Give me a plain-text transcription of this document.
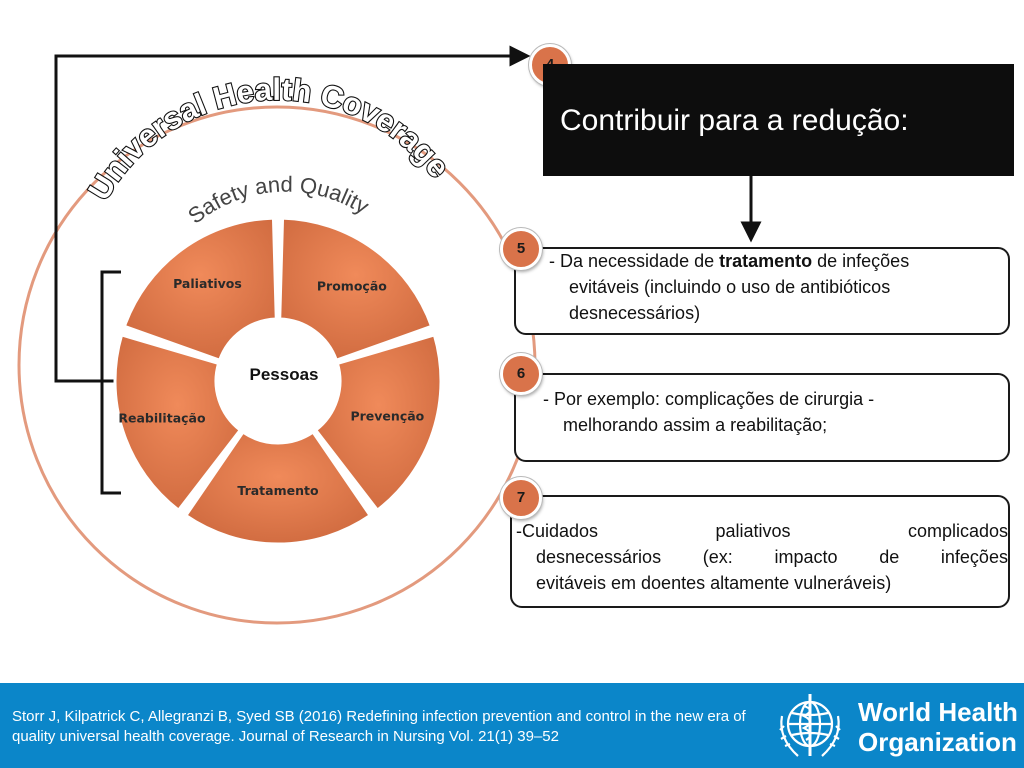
Universal Health Coverage
Safety and Quality
Promoção
Prevenção
Tratamento
Reabilitação
Paliativos
Pessoas
Contribuir para a redução:
- Da necessidade de tratamento de infeções
evitáveis (incluindo o uso de antibióticos
desnecessários)
5
- Por exemplo: complicações de cirurgia -
melhorando assim a reabilitação;
6
-Cuidados	paliativos	complicados
desnecessários (ex: impacto de infeções
evitáveis em doentes altamente vulneráveis)
7
Storr J, Kilpatrick C, Allegranzi B, Syed SB (2016) Redefining infection prevention and control in the new era of quality universal health coverage. Journal of Research in Nursing Vol. 21(1) 39–52
World Health
Organization
